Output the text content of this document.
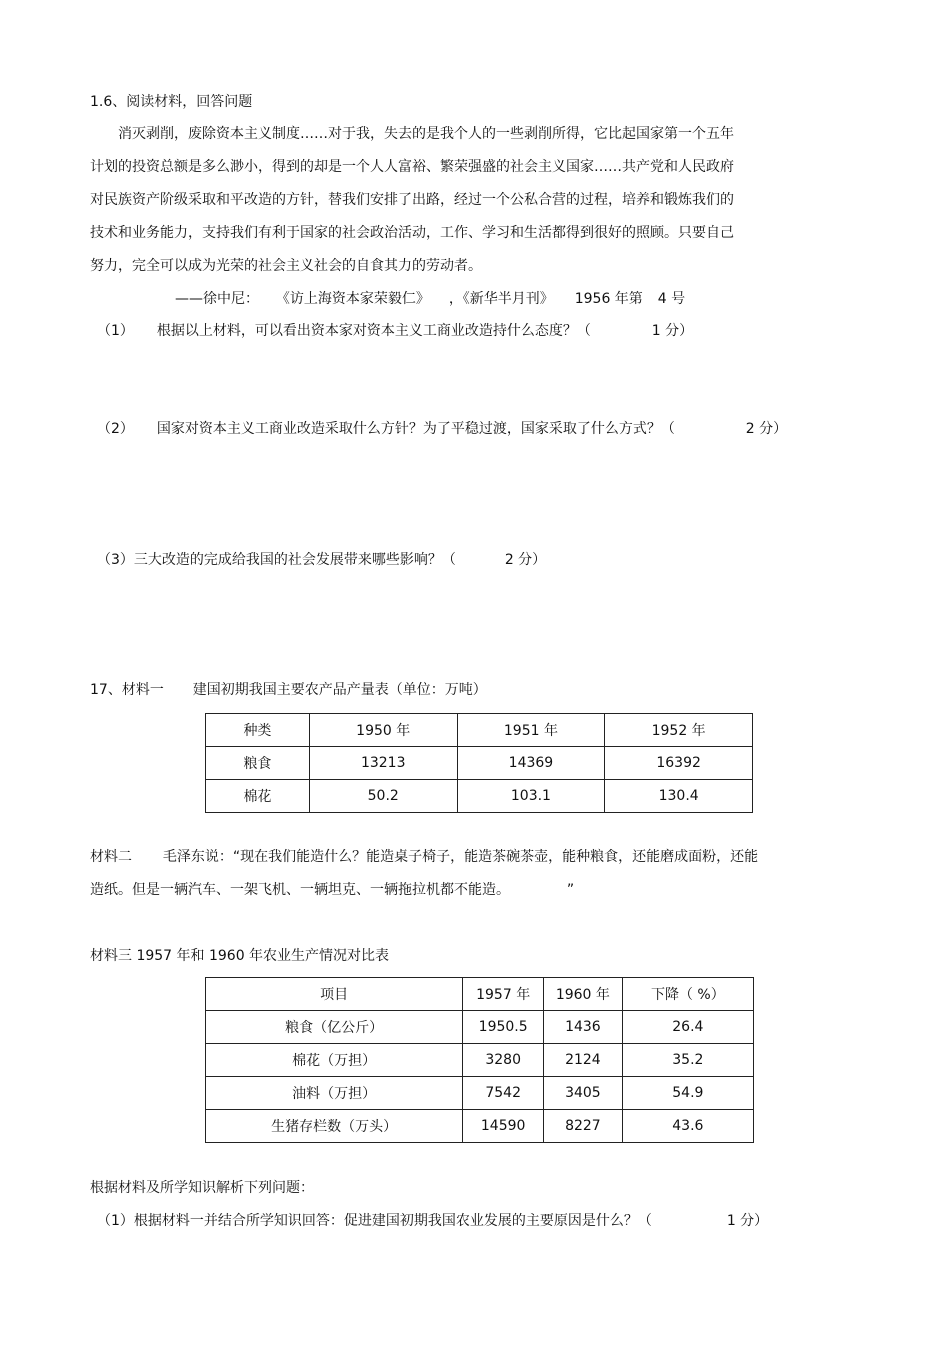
1.6、阅读材料，回答问题

消灭剥削，废除资本主义制度……对于我，失去的是我个人的一些剥削所得，它比起国家第一个五年

计划的投资总额是多么渺小，得到的却是一个人人富裕、繁荣强盛的社会主义国家……共产党和人民政府

对民族资产阶级采取和平改造的方针，替我们安排了出路，经过一个公私合营的过程，培养和锻炼我们的

技术和业务能力，支持我们有利于国家的社会政治活动，工作、学习和生活都得到很好的照顾。只要自己

努力，完全可以成为光荣的社会主义社会的自食其力的劳动者。

——徐中尼： 《访上海资本家荣毅仁》 ，《新华半月刊》 1956 年第 4 号
（1） 根据以上材料，可以看出资本家对资本主义工商业改造持什么态度？（	1 分）
（2） 国家对资本主义工商业改造采取什么方针？为了平稳过渡，国家采取了什么方式？（	2 分）
（3）三大改造的完成给我国的社会发展带来哪些影响？（	2 分）
17、材料一 建国初期我国主要农产品产量表（单位：万吨）
种类	1950 年	1951 年	1952 年
粮食	13213	14369	16392
棉花	50.2	103.1	130.4
材料二 毛泽东说：“现在我们能造什么？能造桌子椅子，能造茶碗茶壶，能种粮食，还能磨成面粉，还能
造纸。但是一辆汽车、一架飞机、一辆坦克、一辆拖拉机都不能造。	”
材料三 1957 年和 1960 年农业生产情况对比表
项目	1957 年	1960 年	下降（ %）
粮食（亿公斤）	1950.5	1436	26.4
棉花（万担）	3280	2124	35.2
油料（万担）	7542	3405	54.9
生猪存栏数（万头）	14590	8227	43.6
根据材料及所学知识解析下列问题：
（1）根据材料一并结合所学知识回答：促进建国初期我国农业发展的主要原因是什么？（	1 分）
